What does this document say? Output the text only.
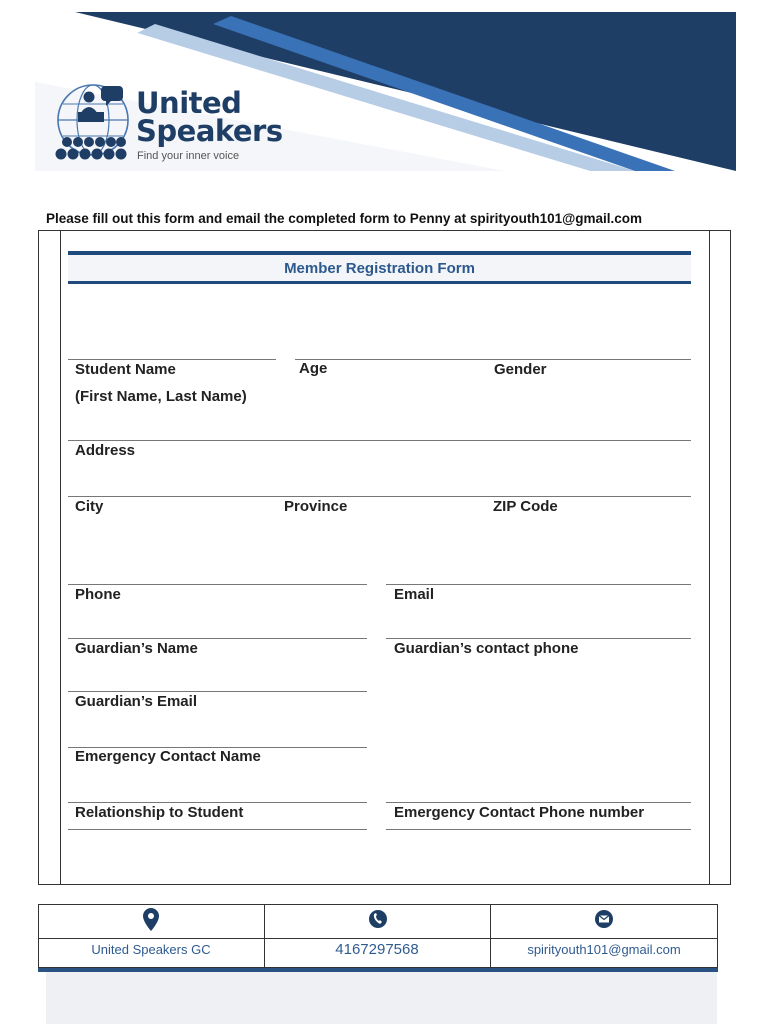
United
Speakers
Find your inner voice
Please fill out this form and email the completed form to Penny at spirityouth101@gmail.com
Member Registration Form
Student Name
(First Name, Last Name)
Age	Gender
Address
City	Province	ZIP Code
Phone	Email
Guardian’s Name	Guardian’s contact phone
Guardian’s Email
Emergency Contact Name
Relationship to Student	Emergency Contact Phone number
United Speakers GC	4167297568	spirityouth101@gmail.com
